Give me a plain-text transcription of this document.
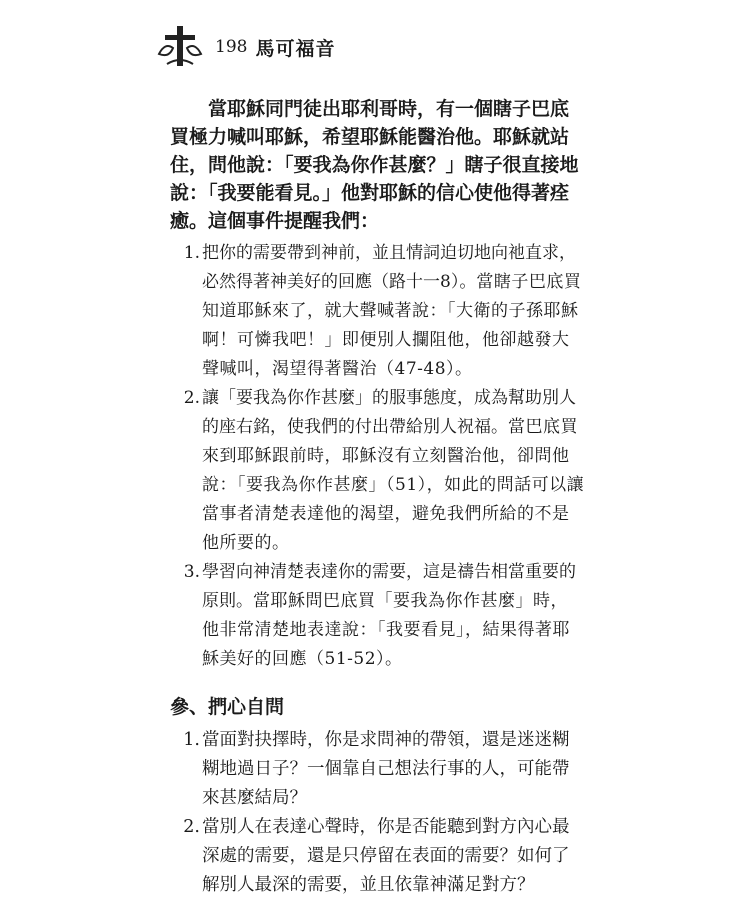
198 馬可福音

當耶穌同門徒出耶利哥時，有一個瞎子巴底買極力喊叫耶穌，希望耶穌能醫治他。耶穌就站住，問他說：「要我為你作甚麼？」瞎子很直接地說：「我要能看見。」他對耶穌的信心使他得著痊癒。這個事件提醒我們：

1. 把你的需要帶到神前，並且情詞迫切地向祂直求，必然得著神美好的回應（路十一8）。當瞎子巴底買知道耶穌來了，就大聲喊著說：「大衛的子孫耶穌啊！可憐我吧！」即便別人攔阻他，他卻越發大聲喊叫，渴望得著醫治（47-48）。
2. 讓「要我為你作甚麼」的服事態度，成為幫助別人的座右銘，使我們的付出帶給別人祝福。當巴底買來到耶穌跟前時，耶穌沒有立刻醫治他，卻問他說：「要我為你作甚麼」（51），如此的問話可以讓當事者清楚表達他的渴望，避免我們所給的不是他所要的。
3. 學習向神清楚表達你的需要，這是禱告相當重要的原則。當耶穌問巴底買「要我為你作甚麼」時，他非常清楚地表達說：「我要看見」，結果得著耶穌美好的回應（51-52）。
參、捫心自問
1. 當面對抉擇時，你是求問神的帶領，還是迷迷糊糊地過日子？一個靠自己想法行事的人，可能帶來甚麼結局？
2. 當別人在表達心聲時，你是否能聽到對方內心最深處的需要，還是只停留在表面的需要？如何了解別人最深的需要，並且依靠神滿足對方？
